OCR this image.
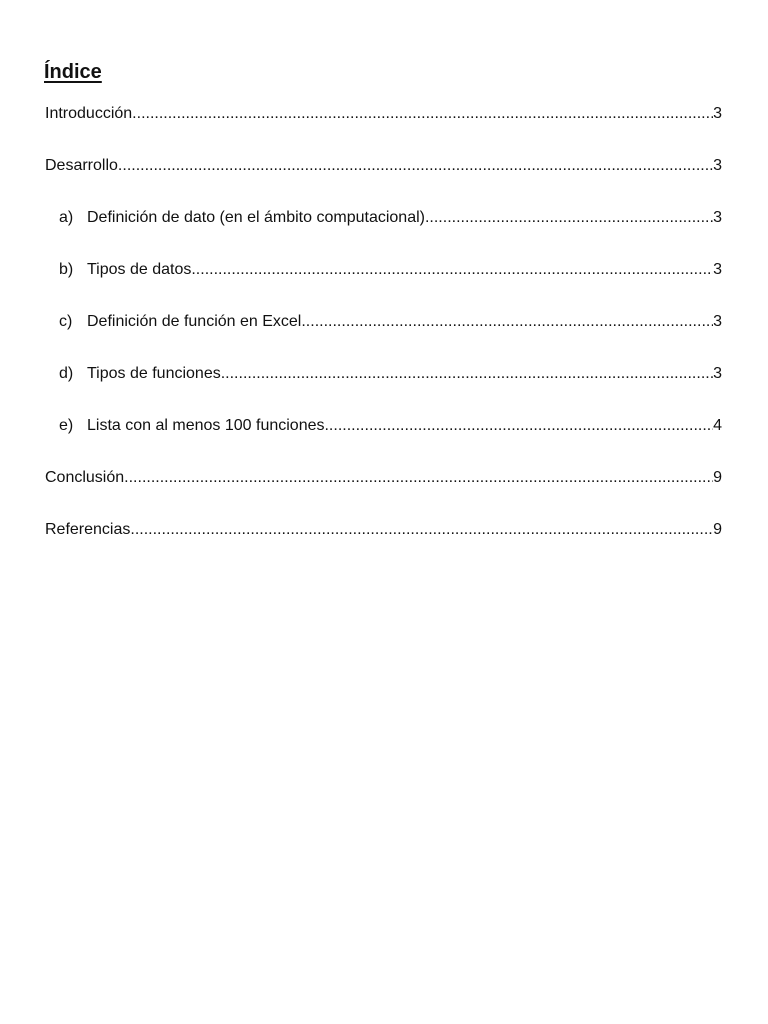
Índice
Introducción .....	3
Desarrollo .....	3
a) Definición de dato (en el ámbito computacional) .....	3
b) Tipos de datos .....	3
c) Definición de función en Excel .....	3
d) Tipos de funciones .....	3
e) Lista con al menos 100 funciones .....	4
Conclusión .....	9
Referencias .....	9
